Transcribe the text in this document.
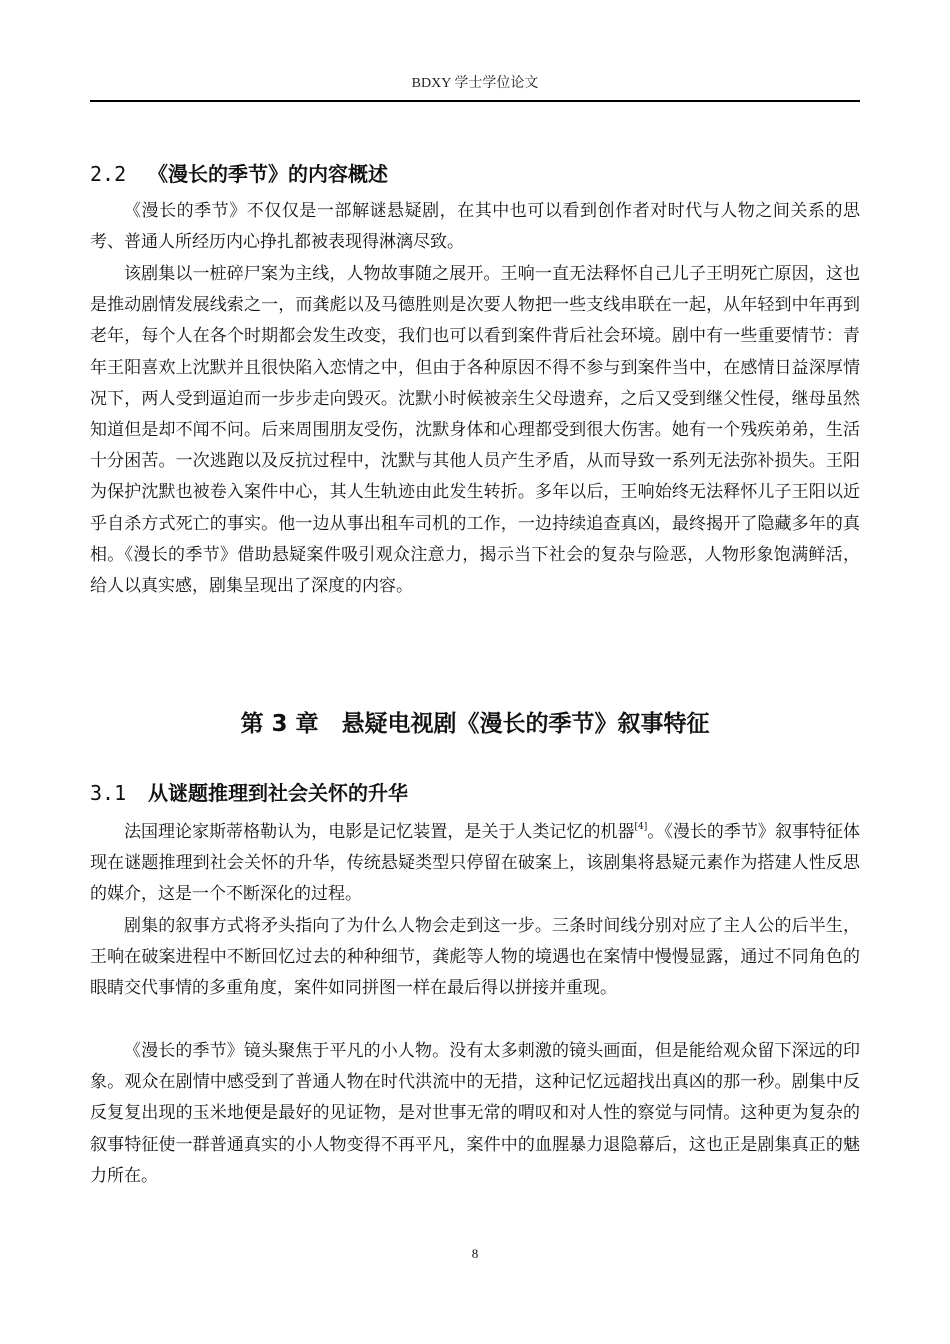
BDXY 学士学位论文
2.2 《漫长的季节》的内容概述

《漫长的季节》不仅仅是一部解谜悬疑剧，在其中也可以看到创作者对时代与人物之间关系的思考、普通人所经历内心挣扎都被表现得淋漓尽致。

该剧集以一桩碎尸案为主线，人物故事随之展开。王响一直无法释怀自己儿子王明死亡原因，这也是推动剧情发展线索之一，而龚彪以及马德胜则是次要人物把一些支线串联在一起，从年轻到中年再到老年，每个人在各个时期都会发生改变，我们也可以看到案件背后社会环境。剧中有一些重要情节：青年王阳喜欢上沈默并且很快陷入恋情之中，但由于各种原因不得不参与到案件当中，在感情日益深厚情况下，两人受到逼迫而一步步走向毁灭。沈默小时候被亲生父母遗弃，之后又受到继父性侵，继母虽然知道但是却不闻不问。后来周围朋友受伤，沈默身体和心理都受到很大伤害。她有一个残疾弟弟，生活十分困苦。一次逃跑以及反抗过程中，沈默与其他人员产生矛盾，从而导致一系列无法弥补损失。王阳为保护沈默也被卷入案件中心，其人生轨迹由此发生转折。多年以后，王响始终无法释怀儿子王阳以近乎自杀方式死亡的事实。他一边从事出租车司机的工作，一边持续追查真凶，最终揭开了隐藏多年的真相。《漫长的季节》借助悬疑案件吸引观众注意力，揭示当下社会的复杂与险恶，人物形象饱满鲜活，给人以真实感，剧集呈现出了深度的内容。

第 3 章　悬疑电视剧《漫长的季节》叙事特征
3.1 从谜题推理到社会关怀的升华

法国理论家斯蒂格勒认为，电影是记忆装置，是关于人类记忆的机器[4]。《漫长的季节》叙事特征体现在谜题推理到社会关怀的升华，传统悬疑类型只停留在破案上，该剧集将悬疑元素作为搭建人性反思的媒介，这是一个不断深化的过程。

剧集的叙事方式将矛头指向了为什么人物会走到这一步。三条时间线分别对应了主人公的后半生，王响在破案进程中不断回忆过去的种种细节，龚彪等人物的境遇也在案情中慢慢显露，通过不同角色的眼睛交代事情的多重角度，案件如同拼图一样在最后得以拼接并重现。

《漫长的季节》镜头聚焦于平凡的小人物。没有太多刺激的镜头画面，但是能给观众留下深远的印象。观众在剧情中感受到了普通人物在时代洪流中的无措，这种记忆远超找出真凶的那一秒。剧集中反反复复出现的玉米地便是最好的见证物，是对世事无常的喟叹和对人性的察觉与同情。这种更为复杂的叙事特征使一群普通真实的小人物变得不再平凡，案件中的血腥暴力退隐幕后，这也正是剧集真正的魅力所在。

8
